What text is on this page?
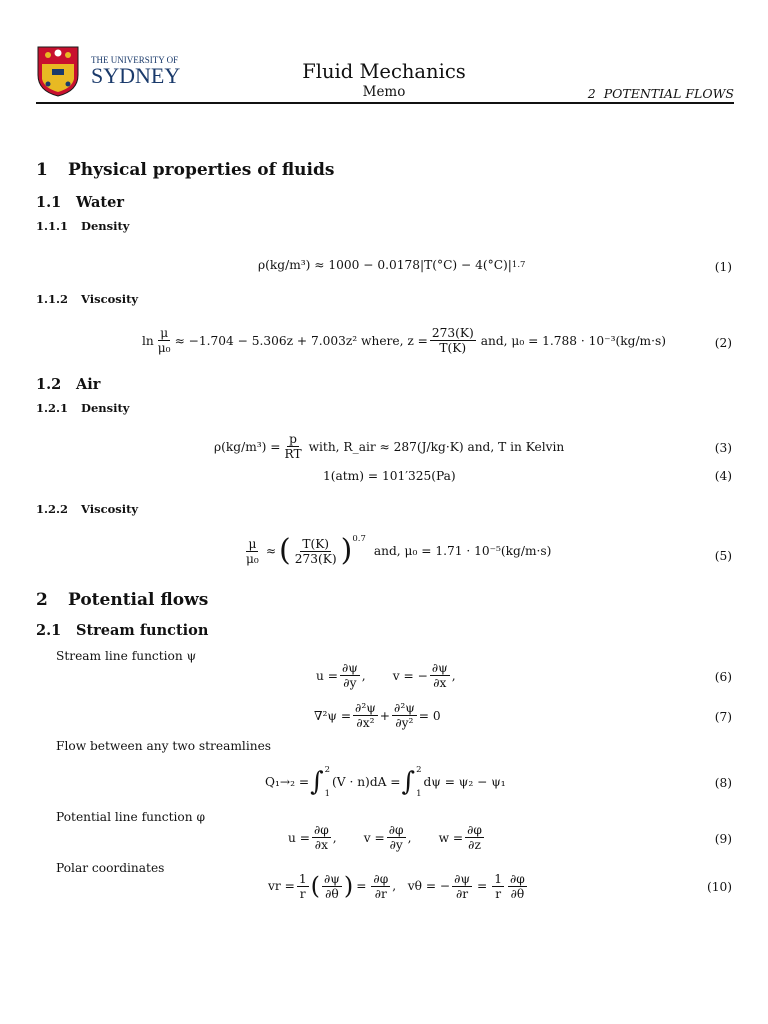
THE UNIVERSITY OF
SYDNEY	Fluid Mechanics
Memo	2 POTENTIAL FLOWS
1 Physical properties of fluids
1.1 Water
1.1.1 Density
ρ(kg/m³) ≈ 1000 − 0.0178|T(°C) − 4(°C)| 1.7	(1)
1.1.2 Viscosity
$\ln \frac{\mu}{\text{μ₀}} \approx -1.704 - 5.306z + 7.003z^2$ where, $z = \frac{273(K)}{T(K)}$ and, μ₀ = 1.788 · 10⁻³(kg/m·s)	(2)
1.2 Air
1.2.1 Density
$\rho(kg/m^3) = \frac{p}{RT}$ with, R_air ≈ 287(J/kg·K) and, T in Kelvin	(3)
1(atm) = 101′325(Pa)	(4)
1.2.2 Viscosity
$\frac{\mu}{\text{μ₀}}$ ≈ ( $\frac{T(K)}{273(K)}$ ) 0.7
and, μ₀ = 1.71 · 10⁻⁵(kg/m·s)	(5)
2 Potential flows
2.1 Stream function
Stream line function ψ
$u = \frac{\partial\psi}{\partial y}$ ,       v = − $\frac{\partial\psi}{\partial x}$ ,	(6)
$\nabla^2\psi = \frac{\text{∂²ψ}}{\text{∂x²}} + \frac{\text{∂²ψ}}{\text{∂y²}} = 0$	(7)
Flow between any two streamlines
Q₁→₂ = ∫ 2
1
(V · n)dA = ∫ 2
1
dψ = ψ₂ − ψ₁	(8)
Potential line function φ
$u = \frac{\partial\varphi}{\partial x}$ ,       $v = \frac{\partial\varphi}{\partial y}$ ,       $w = \frac{\partial\varphi}{\partial z}$	(9)
Polar coordinates
vr = $\frac{1}{r}$ ( $\frac{\partial\psi}{\partial\theta}$ ) = $\frac{\partial\varphi}{\partial r}$ ,   vθ = − $\frac{\partial\psi}{\partial r} = \frac{1}{r} \frac{\partial\varphi}{\partial\theta}$	(10)
